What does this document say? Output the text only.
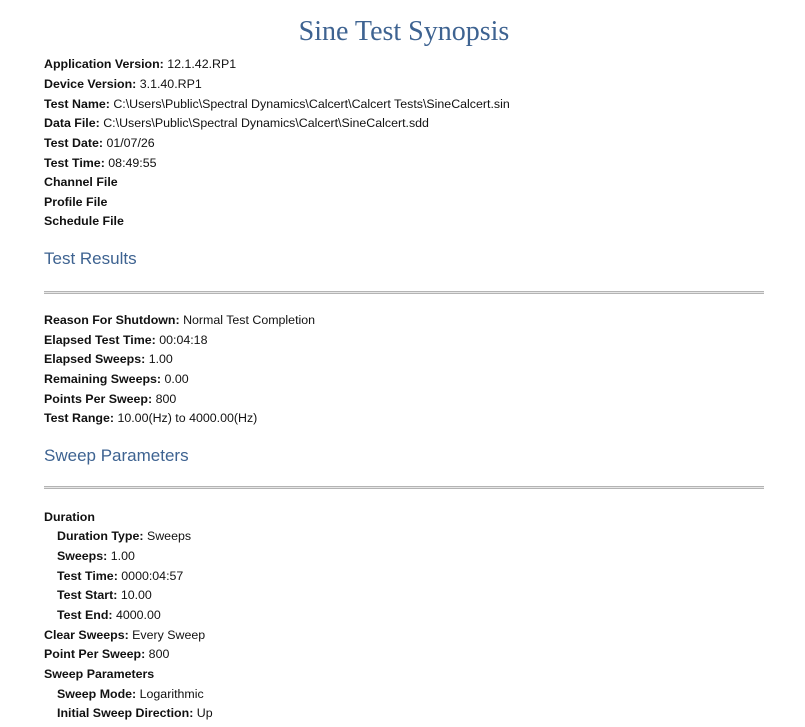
Sine Test Synopsis
Application Version: 12.1.42.RP1
Device Version: 3.1.40.RP1
Test Name: C:\Users\Public\Spectral Dynamics\Calcert\Calcert Tests\SineCalcert.sin
Data File: C:\Users\Public\Spectral Dynamics\Calcert\SineCalcert.sdd
Test Date: 01/07/26
Test Time: 08:49:55
Channel File
Profile File
Schedule File
Test Results
Reason For Shutdown: Normal Test Completion
Elapsed Test Time: 00:04:18
Elapsed Sweeps: 1.00
Remaining Sweeps: 0.00
Points Per Sweep: 800
Test Range: 10.00(Hz) to 4000.00(Hz)
Sweep Parameters
Duration
Duration Type: Sweeps
Sweeps: 1.00
Test Time: 0000:04:57
Test Start: 10.00
Test End: 4000.00
Clear Sweeps: Every Sweep
Point Per Sweep: 800
Sweep Parameters
Sweep Mode: Logarithmic
Initial Sweep Direction: Up
